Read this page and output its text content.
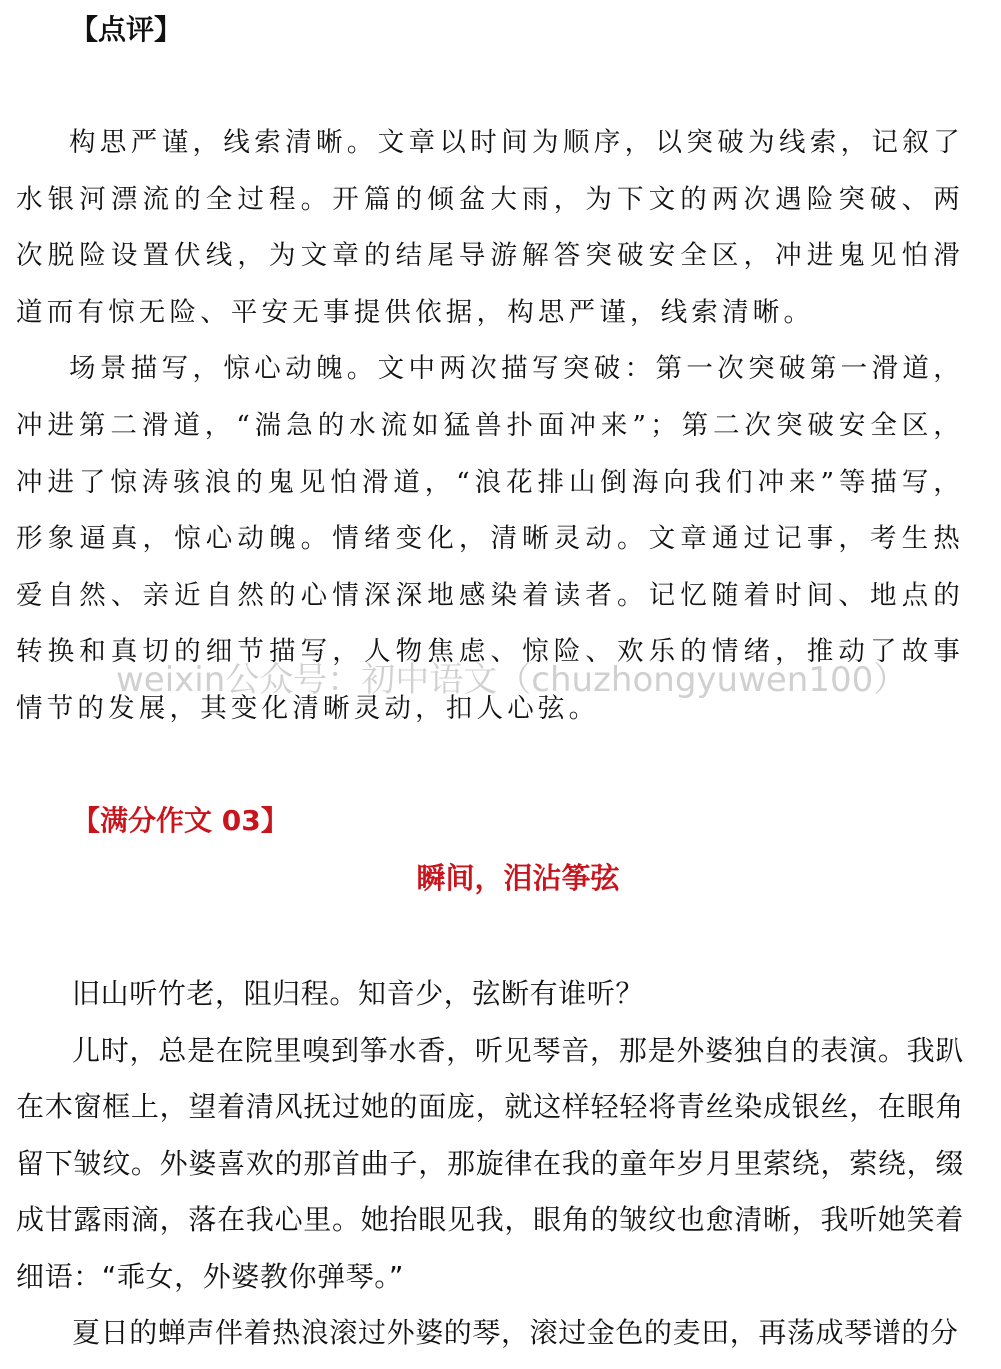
【点评】

构思严谨，线索清晰。文章以时间为顺序，以突破为线索，记叙了水银河漂流的全过程。开篇的倾盆大雨，为下文的两次遇险突破、两次脱险设置伏线，为文章的结尾导游解答突破安全区，冲进鬼见怕滑道而有惊无险、平安无事提供依据，构思严谨，线索清晰。

场景描写，惊心动魄。文中两次描写突破：第一次突破第一滑道，冲进第二滑道，“湍急的水流如猛兽扑面冲来”；第二次突破安全区，冲进了惊涛骇浪的鬼见怕滑道，“浪花排山倒海向我们冲来”等描写，形象逼真，惊心动魄。情绪变化，清晰灵动。文章通过记事，考生热爱自然、亲近自然的心情深深地感染着读者。记忆随着时间、地点的转换和真切的细节描写，人物焦虑、惊险、欢乐的情绪，推动了故事情节的发展，其变化清晰灵动，扣人心弦。

weixin公众号：初中语文（chuzhongyuwen100）
【满分作文 03】
瞬间，泪沾筝弦

旧山听竹老，阻归程。知音少，弦断有谁听？

儿时，总是在院里嗅到筝水香，听见琴音，那是外婆独自的表演。我趴在木窗框上，望着清风抚过她的面庞，就这样轻轻将青丝染成银丝，在眼角留下皱纹。外婆喜欢的那首曲子，那旋律在我的童年岁月里萦绕，萦绕，缀成甘露雨滴，落在我心里。她抬眼见我，眼角的皱纹也愈清晰，我听她笑着细语：“乖女，外婆教你弹琴。”

夏日的蝉声伴着热浪滚过外婆的琴，滚过金色的麦田，再荡成琴谱的分
